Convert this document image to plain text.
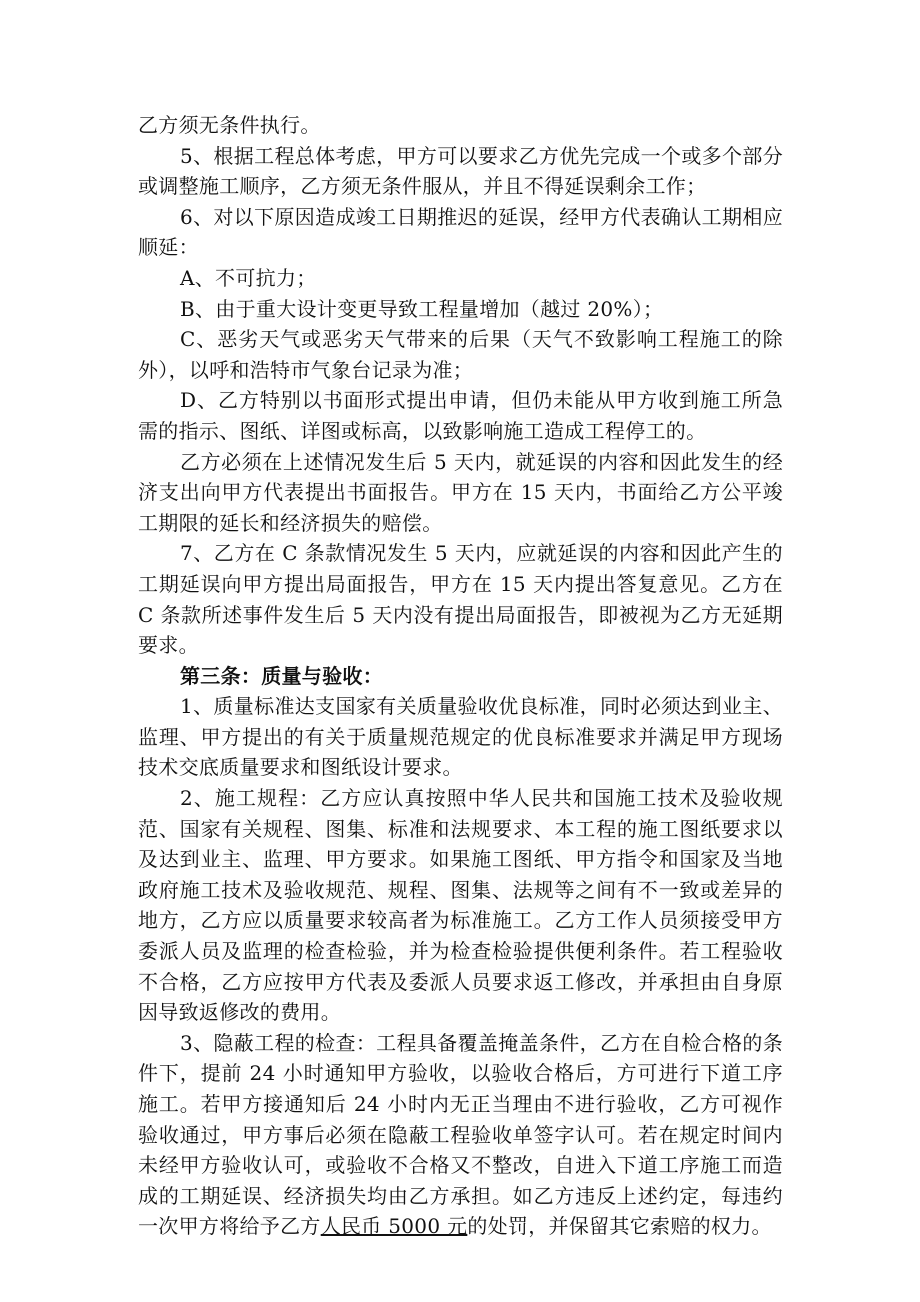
乙方须无条件执行。

5、根据工程总体考虑，甲方可以要求乙方优先完成一个或多个部分或调整施工顺序，乙方须无条件服从，并且不得延误剩余工作；

6、对以下原因造成竣工日期推迟的延误，经甲方代表确认工期相应顺延：

A、不可抗力；

B、由于重大设计变更导致工程量增加（越过 20%）；

C、恶劣天气或恶劣天气带来的后果（天气不致影响工程施工的除外），以呼和浩特市气象台记录为准；

D、乙方特别以书面形式提出申请，但仍未能从甲方收到施工所急需的指示、图纸、详图或标高，以致影响施工造成工程停工的。

乙方必须在上述情况发生后 5 天内，就延误的内容和因此发生的经济支出向甲方代表提出书面报告。甲方在 15 天内，书面给乙方公平竣工期限的延长和经济损失的赔偿。

7、乙方在 C 条款情况发生 5 天内，应就延误的内容和因此产生的工期延误向甲方提出局面报告，甲方在 15 天内提出答复意见。乙方在 C 条款所述事件发生后 5 天内没有提出局面报告，即被视为乙方无延期要求。

第三条：质量与验收：

1、质量标准达支国家有关质量验收优良标准，同时必须达到业主、监理、甲方提出的有关于质量规范规定的优良标准要求并满足甲方现场技术交底质量要求和图纸设计要求。

2、施工规程：乙方应认真按照中华人民共和国施工技术及验收规范、国家有关规程、图集、标准和法规要求、本工程的施工图纸要求以及达到业主、监理、甲方要求。如果施工图纸、甲方指令和国家及当地政府施工技术及验收规范、规程、图集、法规等之间有不一致或差异的地方，乙方应以质量要求较高者为标准施工。乙方工作人员须接受甲方委派人员及监理的检查检验，并为检查检验提供便利条件。若工程验收不合格，乙方应按甲方代表及委派人员要求返工修改，并承担由自身原因导致返修改的费用。

3、隐蔽工程的检查：工程具备覆盖掩盖条件，乙方在自检合格的条件下，提前 24 小时通知甲方验收，以验收合格后，方可进行下道工序施工。若甲方接通知后 24 小时内无正当理由不进行验收，乙方可视作验收通过，甲方事后必须在隐蔽工程验收单签字认可。若在规定时间内未经甲方验收认可，或验收不合格又不整改，自进入下道工序施工而造成的工期延误、经济损失均由乙方承担。如乙方违反上述约定，每违约一次甲方将给予乙方人民币 5000 元的处罚，并保留其它索赔的权力。
